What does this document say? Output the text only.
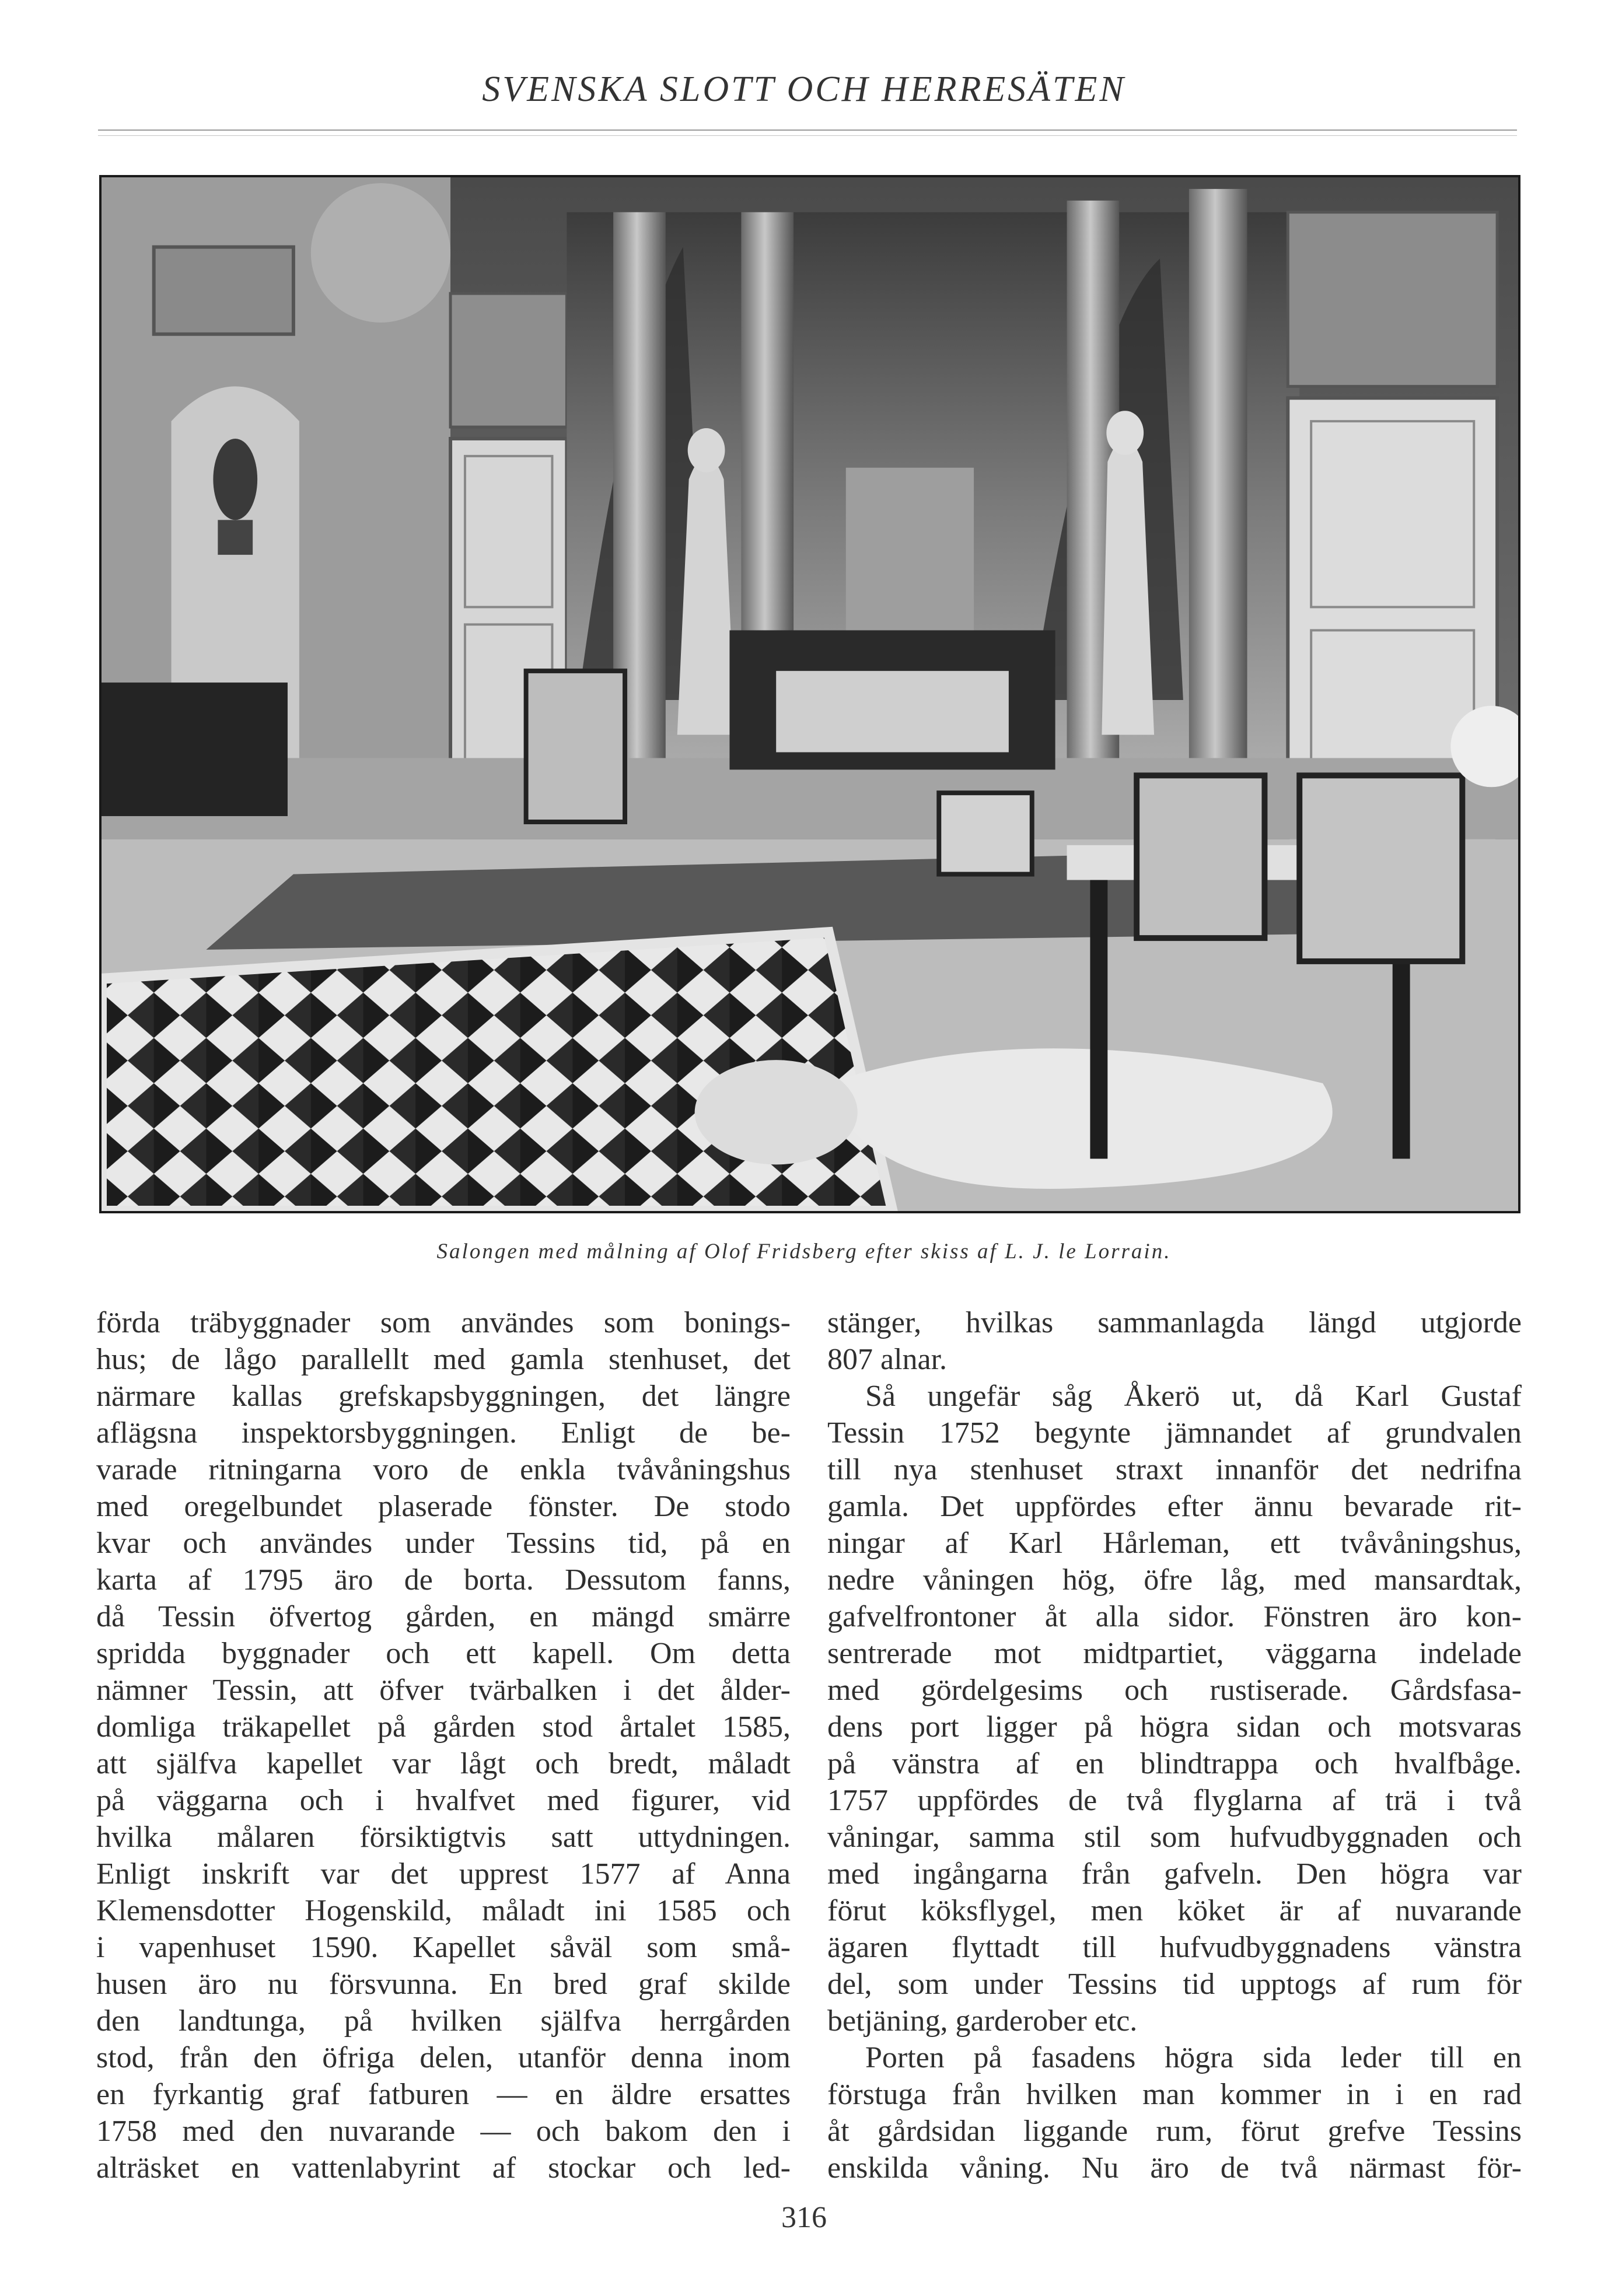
SVENSKA SLOTT OCH HERRESÄTEN
Salongen med målning af Olof Fridsberg efter skiss af L. J. le Lorrain.
förda träbyggnader som användes som bonings-
hus; de lågo parallellt med gamla stenhuset, det
närmare kallas grefskapsbyggningen, det längre
aflägsna inspektorsbyggningen. Enligt de be-
varade ritningarna voro de enkla tvåvåningshus
med oregelbundet plaserade fönster. De stodo
kvar och användes under Tessins tid, på en
karta af 1795 äro de borta. Dessutom fanns,
då Tessin öfvertog gården, en mängd smärre
spridda byggnader och ett kapell. Om detta
nämner Tessin, att öfver tvärbalken i det ålder-
domliga träkapellet på gården stod årtalet 1585,
att själfva kapellet var lågt och bredt, måladt
på väggarna och i hvalfvet med figurer, vid
hvilka målaren försiktigtvis satt uttydningen.
Enligt inskrift var det upprest 1577 af Anna
Klemensdotter Hogenskild, måladt ini 1585 och
i vapenhuset 1590. Kapellet såväl som små-
husen äro nu försvunna. En bred graf skilde
den landtunga, på hvilken själfva herrgården
stod, från den öfriga delen, utanför denna inom
en fyrkantig graf fatburen — en äldre ersattes
1758 med den nuvarande — och bakom den i
alträsket en vattenlabyrint af stockar och led-
stänger, hvilkas sammanlagda längd utgjorde
807 alnar.
Så ungefär såg Åkerö ut, då Karl Gustaf
Tessin 1752 begynte jämnandet af grundvalen
till nya stenhuset straxt innanför det nedrifna
gamla. Det uppfördes efter ännu bevarade rit-
ningar af Karl Hårleman, ett tvåvåningshus,
nedre våningen hög, öfre låg, med mansardtak,
gafvelfrontoner åt alla sidor. Fönstren äro kon-
sentrerade mot midtpartiet, väggarna indelade
med gördelgesims och rustiserade. Gårdsfasa-
dens port ligger på högra sidan och motsvaras
på vänstra af en blindtrappa och hvalfbåge.
1757 uppfördes de två flyglarna af trä i två
våningar, samma stil som hufvudbyggnaden och
med ingångarna från gafveln. Den högra var
förut köksflygel, men köket är af nuvarande
ägaren flyttadt till hufvudbyggnadens vänstra
del, som under Tessins tid upptogs af rum för
betjäning, garderober etc.
Porten på fasadens högra sida leder till en
förstuga från hvilken man kommer in i en rad
åt gårdsidan liggande rum, förut grefve Tessins
enskilda våning. Nu äro de två närmast för-
316
